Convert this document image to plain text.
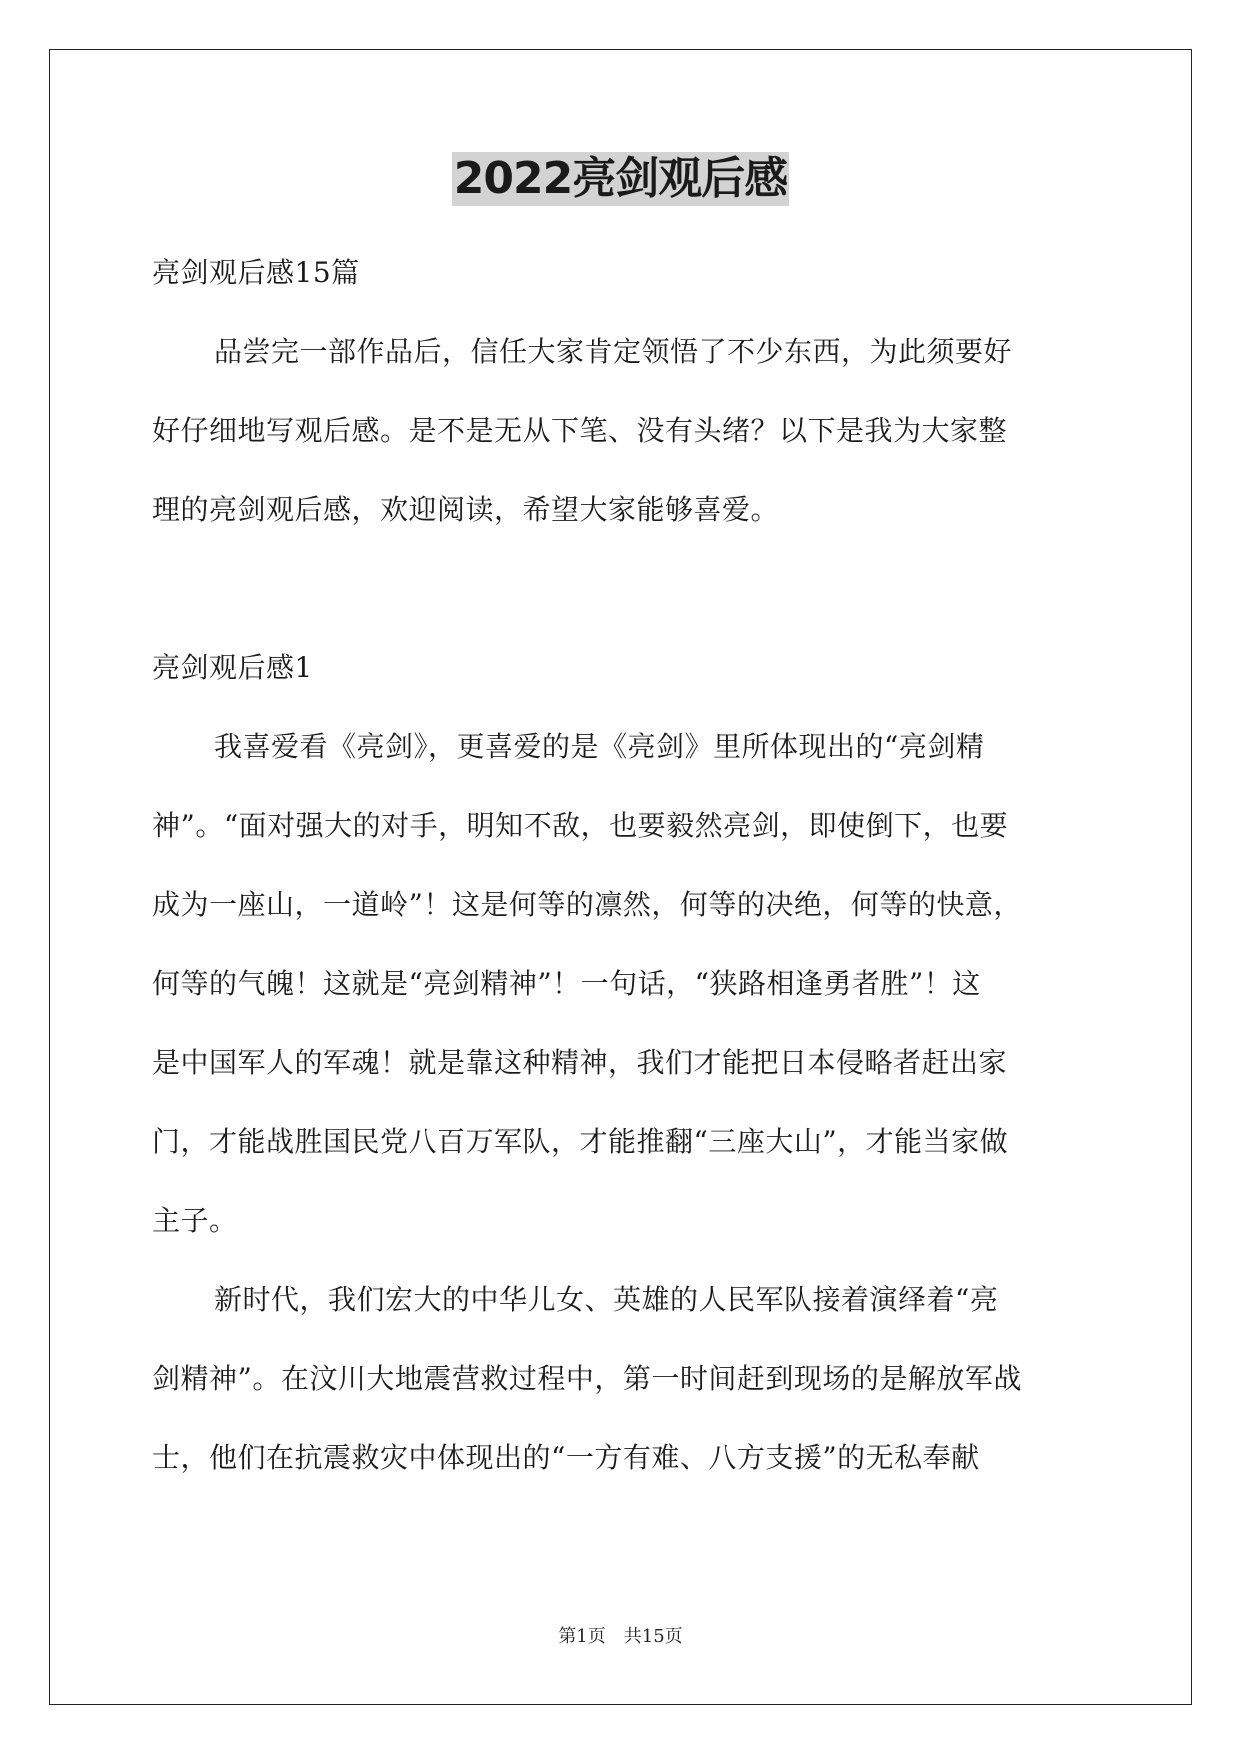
2022亮剑观后感
亮剑观后感15篇
品尝完一部作品后，信任大家肯定领悟了不少东西，为此须要好
好仔细地写观后感。是不是无从下笔、没有头绪？以下是我为大家整
理的亮剑观后感，欢迎阅读，希望大家能够喜爱。
亮剑观后感1
我喜爱看《亮剑》，更喜爱的是《亮剑》里所体现出的“亮剑精
神”。“面对强大的对手，明知不敌，也要毅然亮剑，即使倒下，也要
成为一座山，一道岭”！这是何等的凛然，何等的决绝，何等的快意，
何等的气魄！这就是“亮剑精神”！一句话，“狭路相逢勇者胜”！这
是中国军人的军魂！就是靠这种精神，我们才能把日本侵略者赶出家
门，才能战胜国民党八百万军队，才能推翻“三座大山”，才能当家做
主子。
新时代，我们宏大的中华儿女、英雄的人民军队接着演绎着“亮
剑精神”。在汶川大地震营救过程中，第一时间赶到现场的是解放军战
士，他们在抗震救灾中体现出的“一方有难、八方支援”的无私奉献
第1页 共15页
